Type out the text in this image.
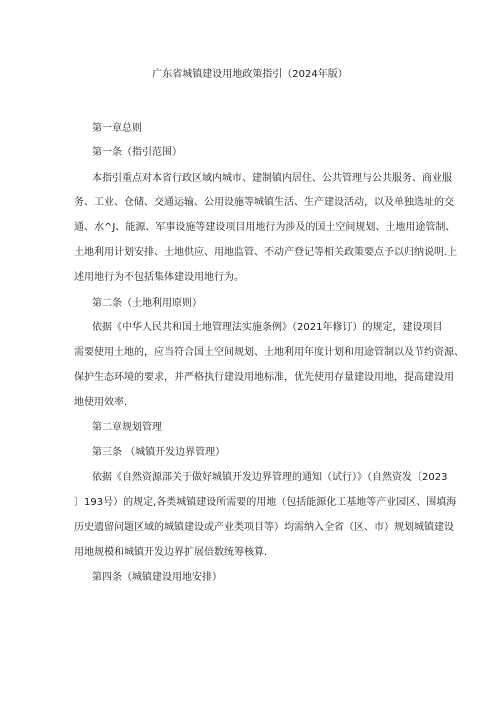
广东省城镇建设用地政策指引（2024年版）
第一章总则
第一条（指引范围）
本指引重点对本省行政区域内城市、建制镇内居住、公共管理与公共服务、商业服
务、工业、仓储、交通运输、公用设施等城镇生活、生产建设活动，以及单独选址的交
通、水^J、能源、军事设施等建设项目用地行为涉及的国土空间规划、土地用途管制、
土地利用计划安排、土地供应、用地监管、不动产登记等相关政策要点予以归纳说明.上
述用地行为不包括集体建设用地行为。
第二条（土地利用原则）
依据《中华人民共和国土地管理法实施条例》（2021年修订）的规定，建设项目
需要使用土地的，应当符合国土空间规划、土地利用年度计划和用途管制以及节约资源、
保护生态环境的要求，并严格执行建设用地标准，优先使用存量建设用地，提高建设用
地使用效率.
第二章规划管理
第三条 （城镇开发边界管理）
依据《自然资源部关于做好城镇开发边界管理的通知（试行）》（自然资发〔2023
〕193号）的规定,各类城镇建设所需要的用地（包括能源化工基地等产业园区、围填海
历史遗留问题区域的城镇建设或产业类项目等）均需纳入全省（区、市）规划城镇建设
用地规模和城镇开发边界扩展倍数统筹核算.
第四条（城镇建设用地安排）
